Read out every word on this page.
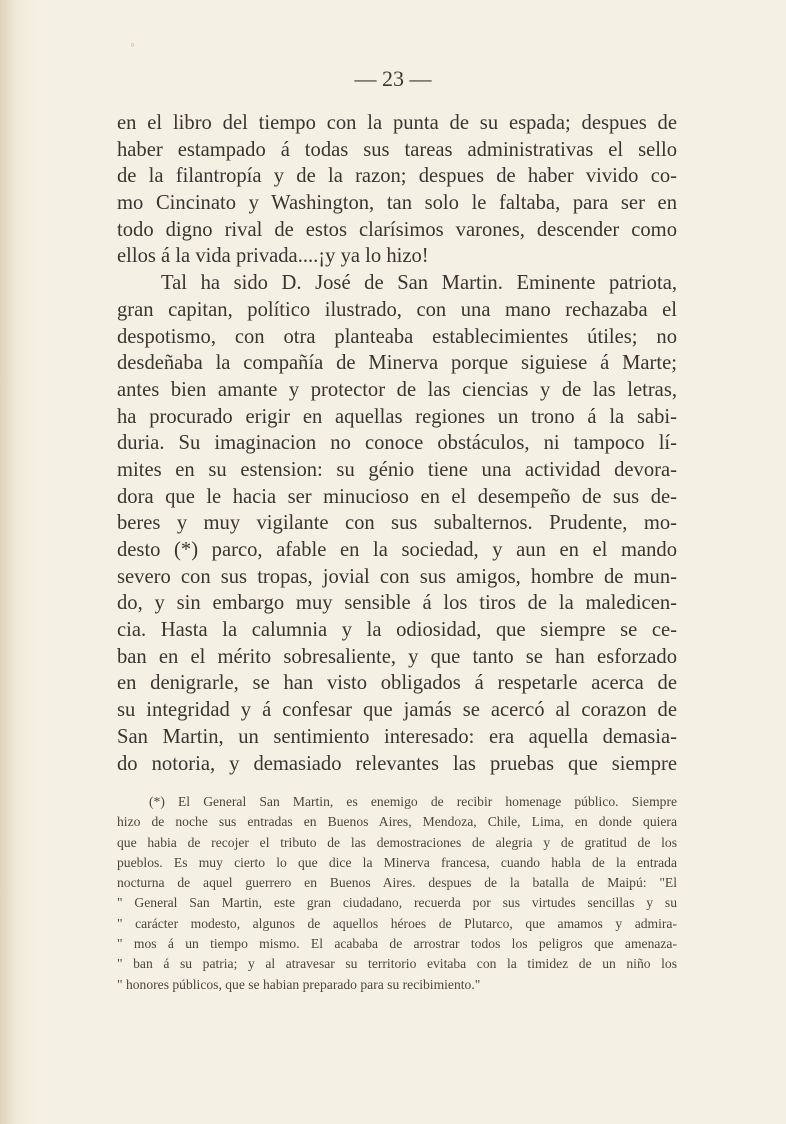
⸰
— 23 —
en el libro del tiempo con la punta de su espada; despues de
haber estampado á todas sus tareas administrativas el sello
de la filantropía y de la razon; despues de haber vivido co-
mo Cincinato y Washington, tan solo le faltaba, para ser en
todo digno rival de estos clarísimos varones, descender como
ellos á la vida privada....¡y ya lo hizo!
Tal ha sido D. José de San Martin. Eminente patriota,
gran capitan, político ilustrado, con una mano rechazaba el
despotismo, con otra planteaba establecimientes útiles; no
desdeñaba la compañía de Minerva porque siguiese á Marte;
antes bien amante y protector de las ciencias y de las letras,
ha procurado erigir en aquellas regiones un trono á la sabi-
duria. Su imaginacion no conoce obstáculos, ni tampoco lí-
mites en su estension: su génio tiene una actividad devora-
dora que le hacia ser minucioso en el desempeño de sus de-
beres y muy vigilante con sus subalternos. Prudente, mo-
desto (*) parco, afable en la sociedad, y aun en el mando
severo con sus tropas, jovial con sus amigos, hombre de mun-
do, y sin embargo muy sensible á los tiros de la maledicen-
cia. Hasta la calumnia y la odiosidad, que siempre se ce-
ban en el mérito sobresaliente, y que tanto se han esforzado
en denigrarle, se han visto obligados á respetarle acerca de
su integridad y á confesar que jamás se acercó al corazon de
San Martin, un sentimiento interesado: era aquella demasia-
do notoria, y demasiado relevantes las pruebas que siempre
(*) El General San Martin, es enemigo de recibir homenage público. Siempre
hizo de noche sus entradas en Buenos Aires, Mendoza, Chile, Lima, en donde quiera
que habia de recojer el tributo de las demostraciones de alegria y de gratitud de los
pueblos. Es muy cierto lo que dice la Minerva francesa, cuando habla de la entrada
nocturna de aquel guerrero en Buenos Aires. despues de la batalla de Maipú: "El
" General San Martin, este gran ciudadano, recuerda por sus virtudes sencillas y su
" carácter modesto, algunos de aquellos héroes de Plutarco, que amamos y admira-
" mos á un tiempo mismo. El acababa de arrostrar todos los peligros que amenaza-
" ban á su patria; y al atravesar su territorio evitaba con la timidez de un niño los
" honores públicos, que se habian preparado para su recibimiento."
